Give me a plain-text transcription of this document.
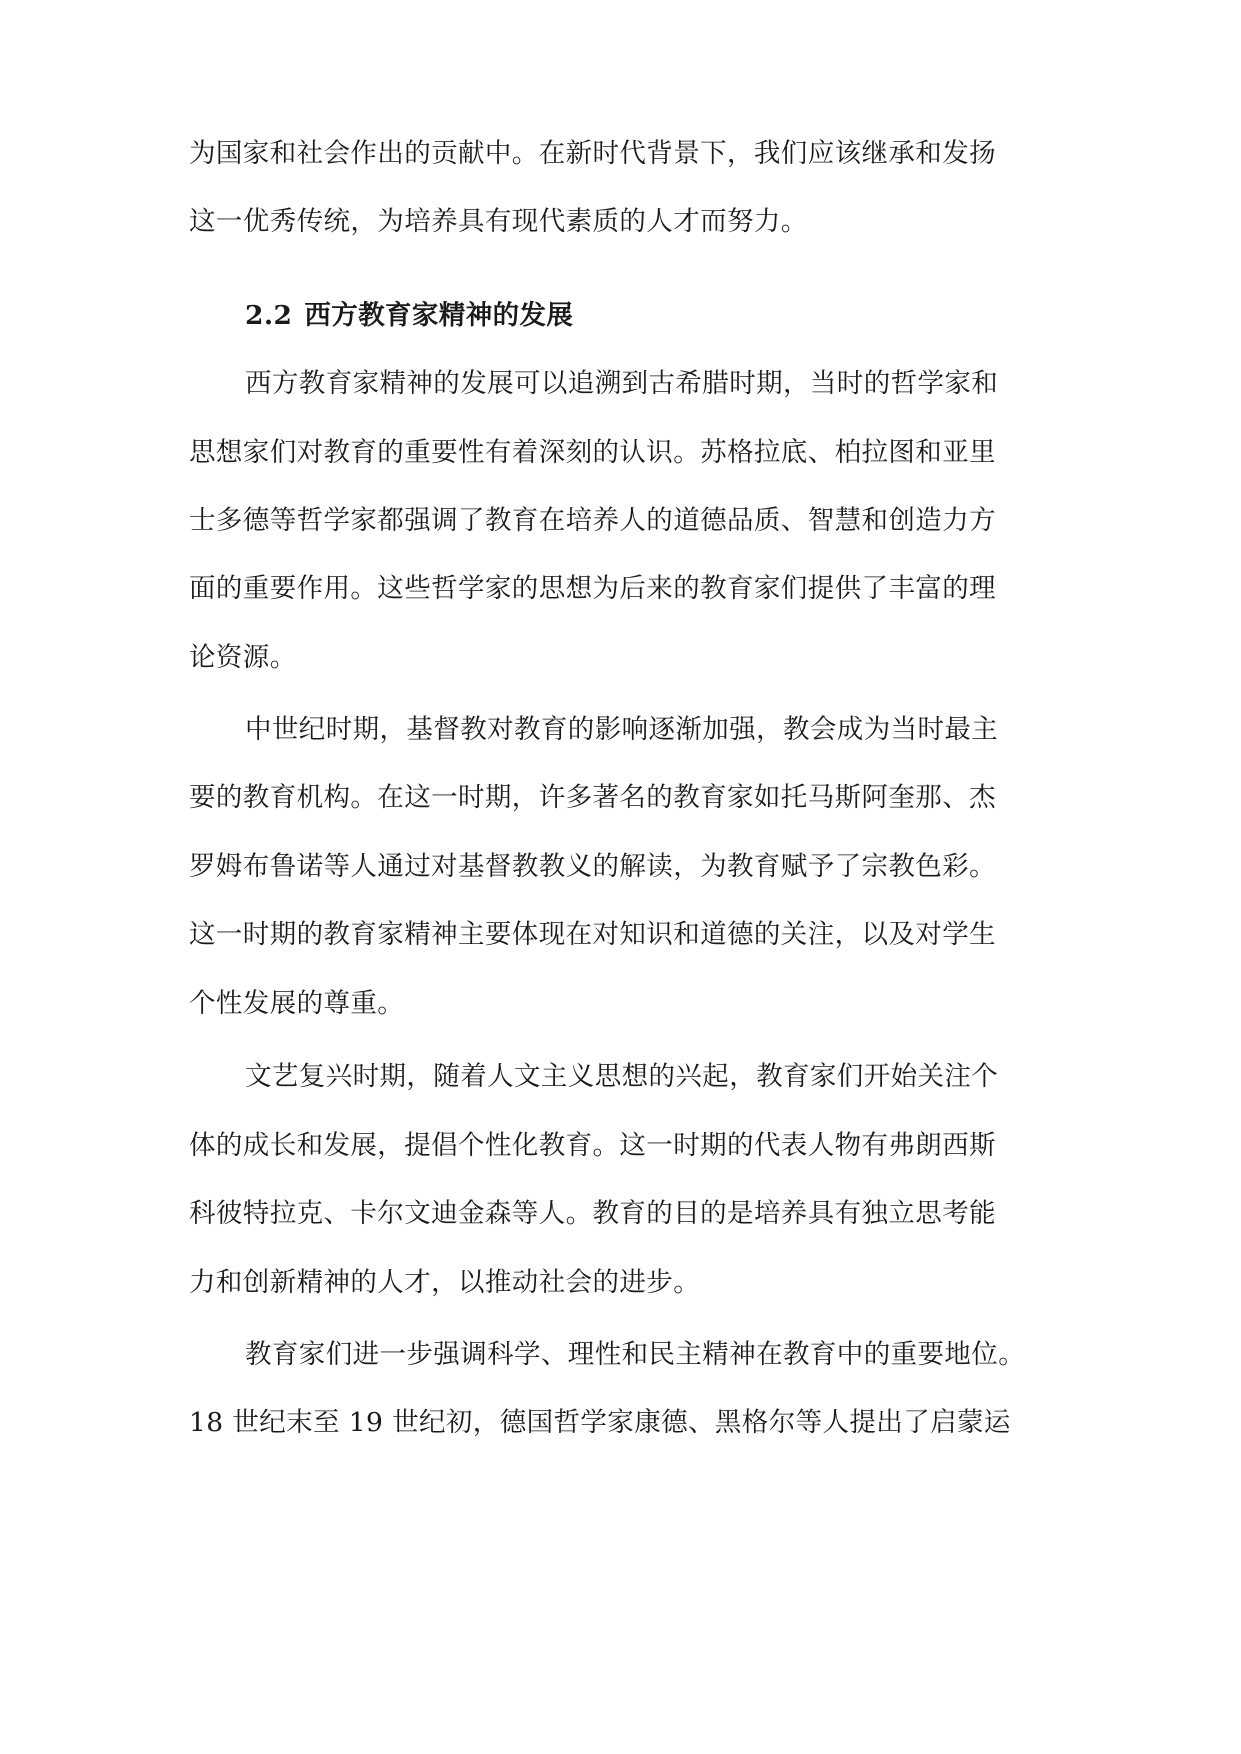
为国家和社会作出的贡献中。在新时代背景下，我们应该继承和发扬
这一优秀传统，为培养具有现代素质的人才而努力。
2.2 西方教育家精神的发展
西方教育家精神的发展可以追溯到古希腊时期，当时的哲学家和
思想家们对教育的重要性有着深刻的认识。苏格拉底、柏拉图和亚里
士多德等哲学家都强调了教育在培养人的道德品质、智慧和创造力方
面的重要作用。这些哲学家的思想为后来的教育家们提供了丰富的理
论资源。
中世纪时期，基督教对教育的影响逐渐加强，教会成为当时最主
要的教育机构。在这一时期，许多著名的教育家如托马斯阿奎那、杰
罗姆布鲁诺等人通过对基督教教义的解读，为教育赋予了宗教色彩。
这一时期的教育家精神主要体现在对知识和道德的关注，以及对学生
个性发展的尊重。
文艺复兴时期，随着人文主义思想的兴起，教育家们开始关注个
体的成长和发展，提倡个性化教育。这一时期的代表人物有弗朗西斯
科彼特拉克、卡尔文迪金森等人。教育的目的是培养具有独立思考能
力和创新精神的人才，以推动社会的进步。
教育家们进一步强调科学、理性和民主精神在教育中的重要地位。
18 世纪末至 19 世纪初，德国哲学家康德、黑格尔等人提出了启蒙运
